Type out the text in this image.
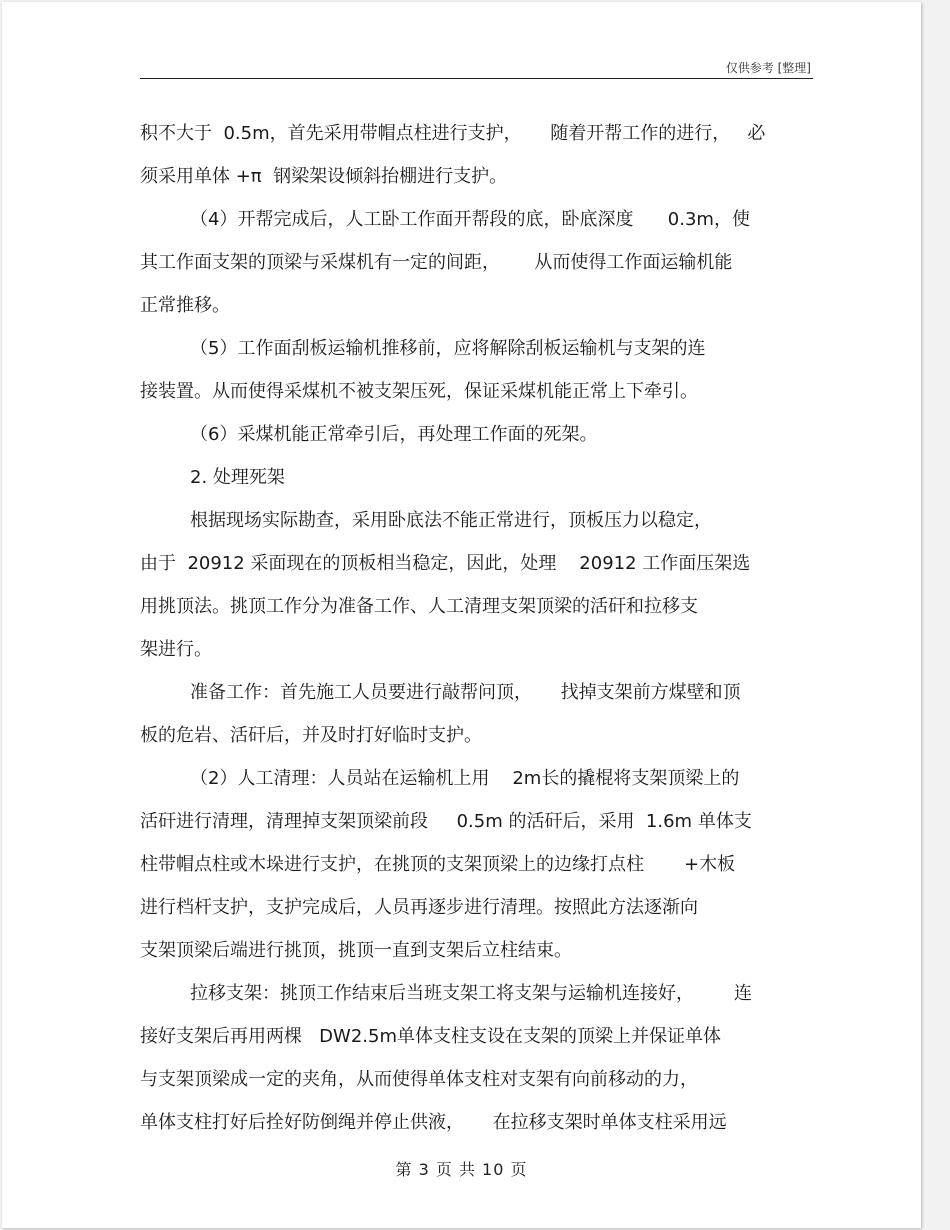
仅供参考 [整理]
积不大于  0.5m，首先采用带帽点柱进行支护，     随着开帮工作的进行，   必
须采用单体 +π  钢梁架设倾斜抬棚进行支护。
（4）开帮完成后，人工卧工作面开帮段的底，卧底深度      0.3m，使
其工作面支架的顶梁与采煤机有一定的间距，      从而使得工作面运输机能
正常推移。
（5）工作面刮板运输机推移前，应将解除刮板运输机与支架的连
接装置。从而使得采煤机不被支架压死，保证采煤机能正常上下牵引。
（6）采煤机能正常牵引后，再处理工作面的死架。
2. 处理死架
根据现场实际勘查，采用卧底法不能正常进行，顶板压力以稳定，
由于  20912 采面现在的顶板相当稳定，因此，处理    20912 工作面压架选
用挑顶法。挑顶工作分为准备工作、人工清理支架顶梁的活矸和拉移支
架进行。
准备工作：首先施工人员要进行敲帮问顶，     找掉支架前方煤壁和顶
板的危岩、活矸后，并及时打好临时支护。
（2）人工清理：人员站在运输机上用    2m长的撬棍将支架顶梁上的
活矸进行清理，清理掉支架顶梁前段     0.5m 的活矸后，采用  1.6m 单体支
柱带帽点柱或木垛进行支护，在挑顶的支架顶梁上的边缘打点柱       +木板
进行档杆支护，支护完成后，人员再逐步进行清理。按照此方法逐渐向
支架顶梁后端进行挑顶，挑顶一直到支架后立柱结束。
拉移支架：挑顶工作结束后当班支架工将支架与运输机连接好，       连
接好支架后再用两棵   DW2.5m单体支柱支设在支架的顶梁上并保证单体
与支架顶梁成一定的夹角，从而使得单体支柱对支架有向前移动的力，
单体支柱打好后拴好防倒绳并停止供液，     在拉移支架时单体支柱采用远
第 3 页 共 10 页
